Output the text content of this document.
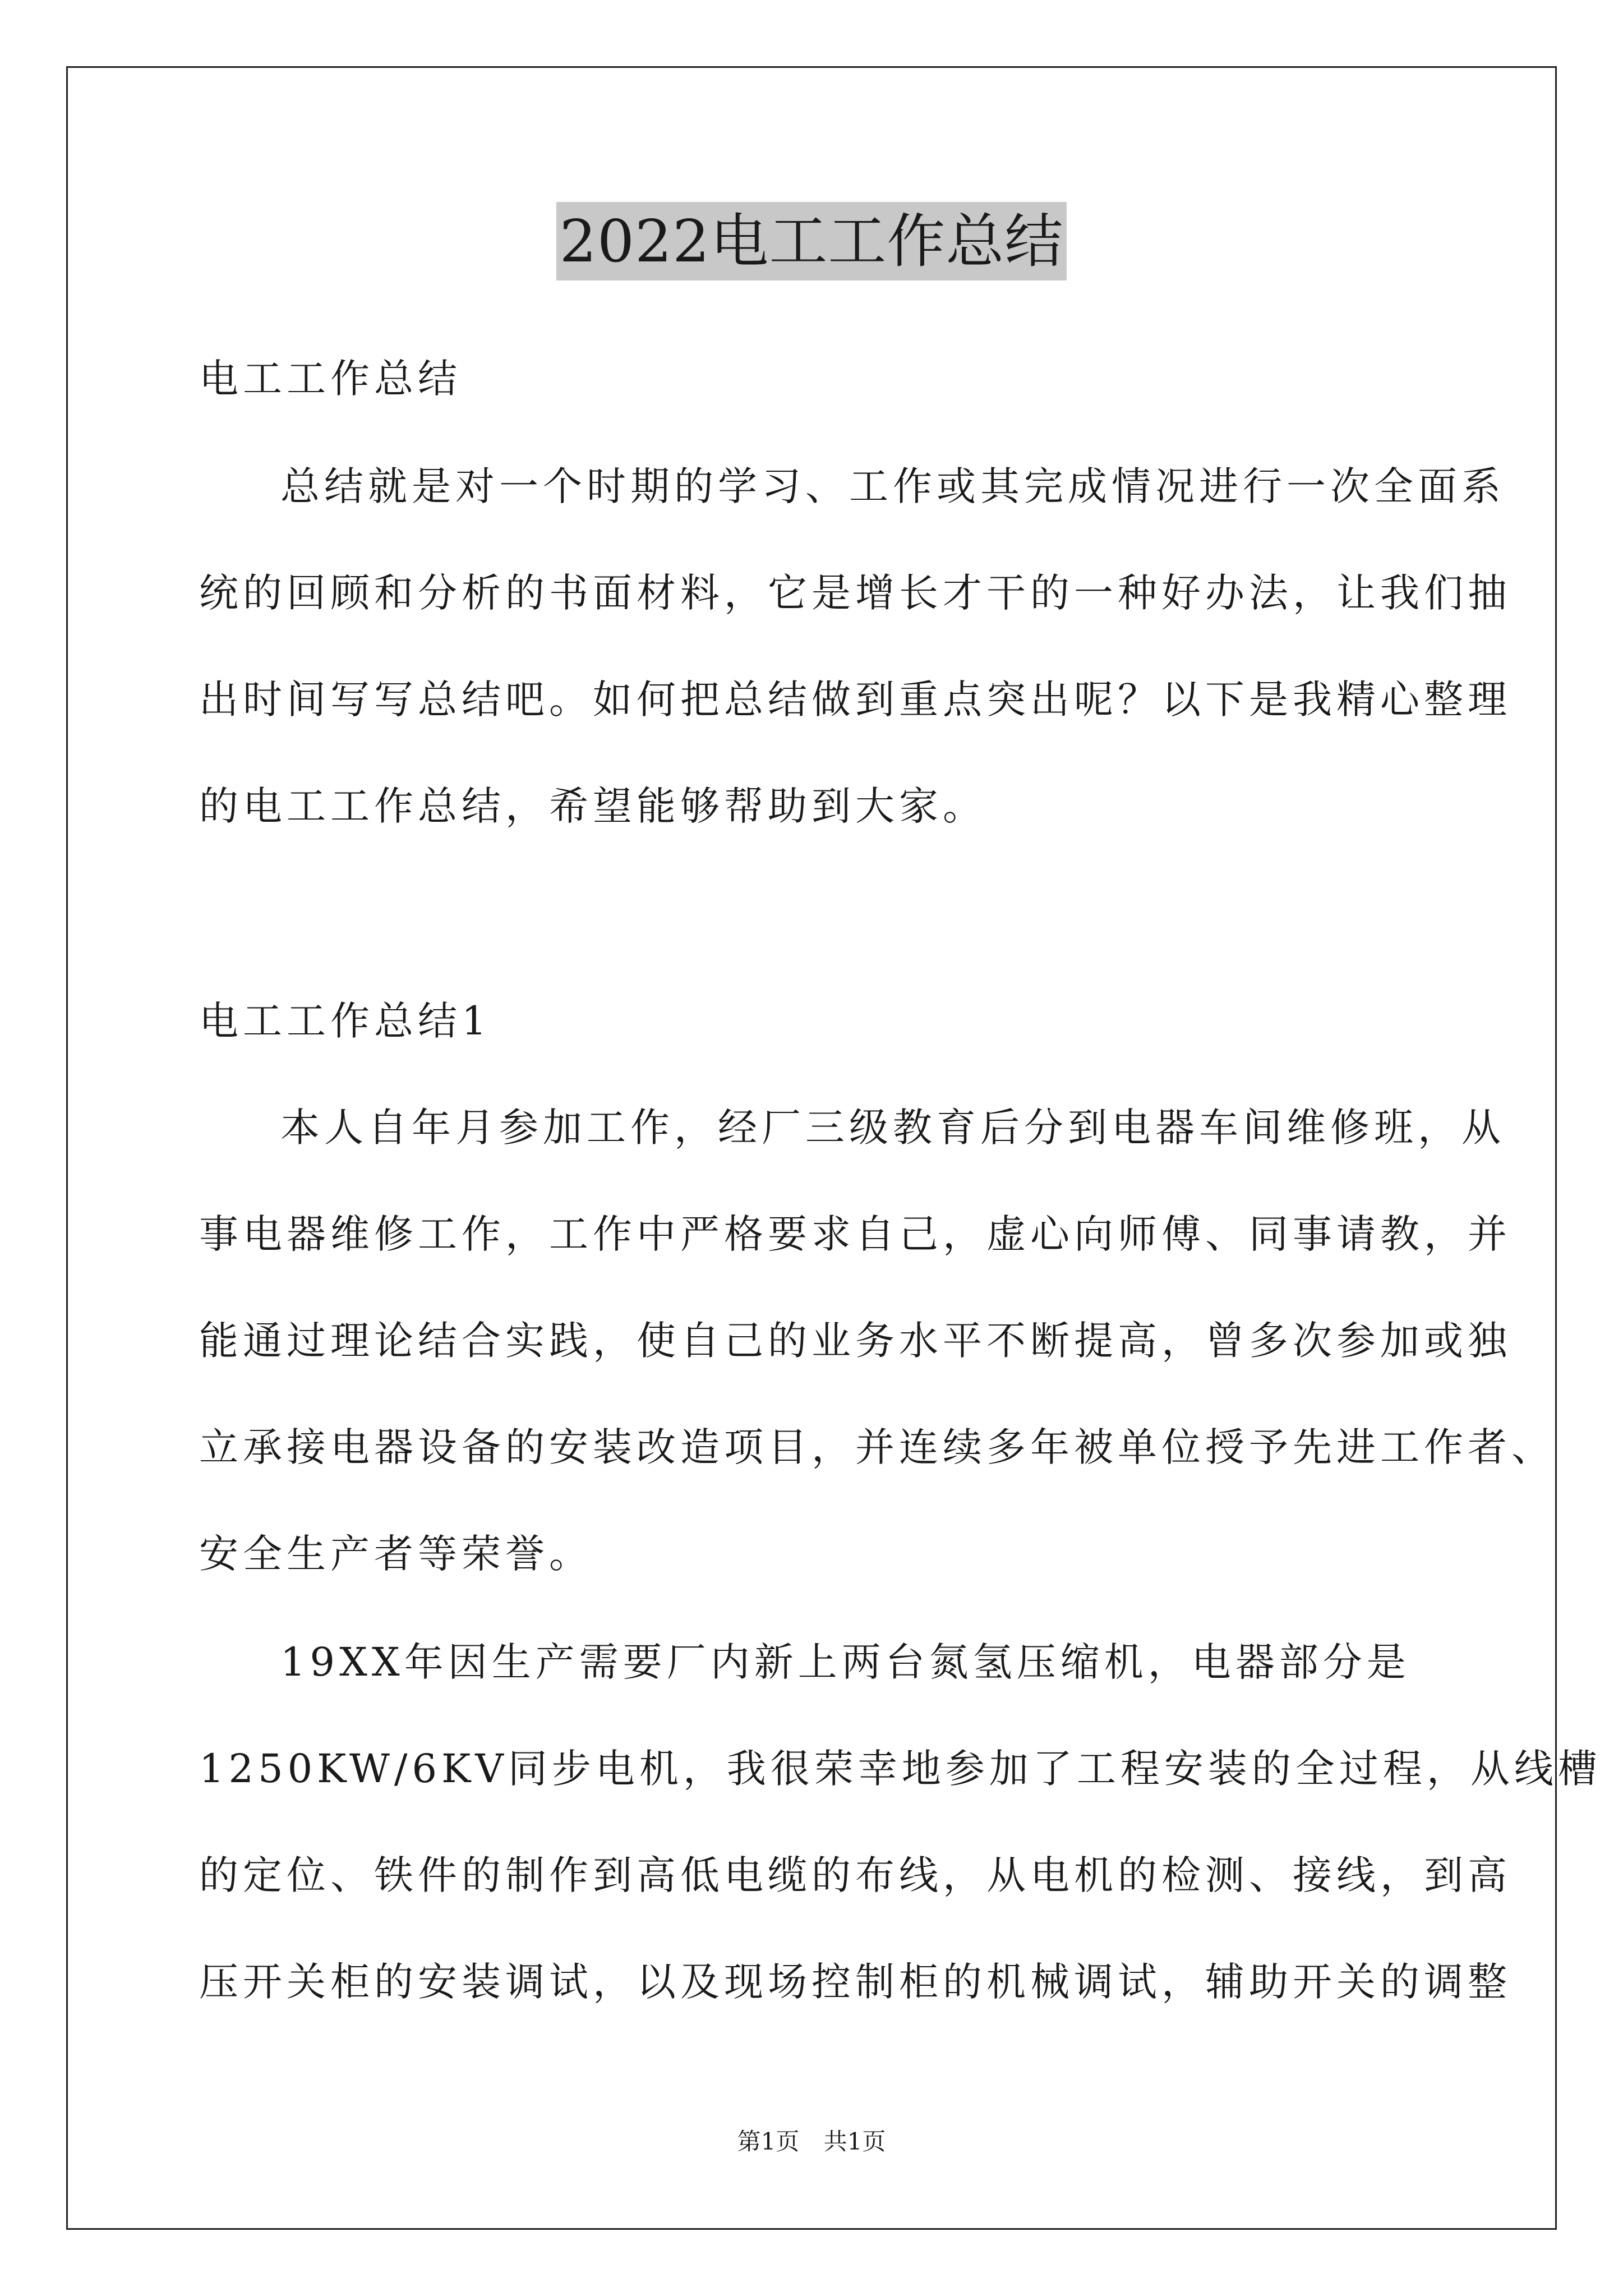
2022电工工作总结
电工工作总结
总结就是对一个时期的学习、工作或其完成情况进行一次全面系
统的回顾和分析的书面材料，它是增长才干的一种好办法，让我们抽
出时间写写总结吧。如何把总结做到重点突出呢？以下是我精心整理
的电工工作总结，希望能够帮助到大家。
电工工作总结1
本人自年月参加工作，经厂三级教育后分到电器车间维修班，从
事电器维修工作，工作中严格要求自己，虚心向师傅、同事请教，并
能通过理论结合实践，使自己的业务水平不断提高，曾多次参加或独
立承接电器设备的安装改造项目，并连续多年被单位授予先进工作者、
安全生产者等荣誉。
19XX年因生产需要厂内新上两台氮氢压缩机，电器部分是
1250KW/6KV同步电机，我很荣幸地参加了工程安装的全过程，从线槽
的定位、铁件的制作到高低电缆的布线，从电机的检测、接线，到高
压开关柜的安装调试，以及现场控制柜的机械调试，辅助开关的调整
第1页 共1页
